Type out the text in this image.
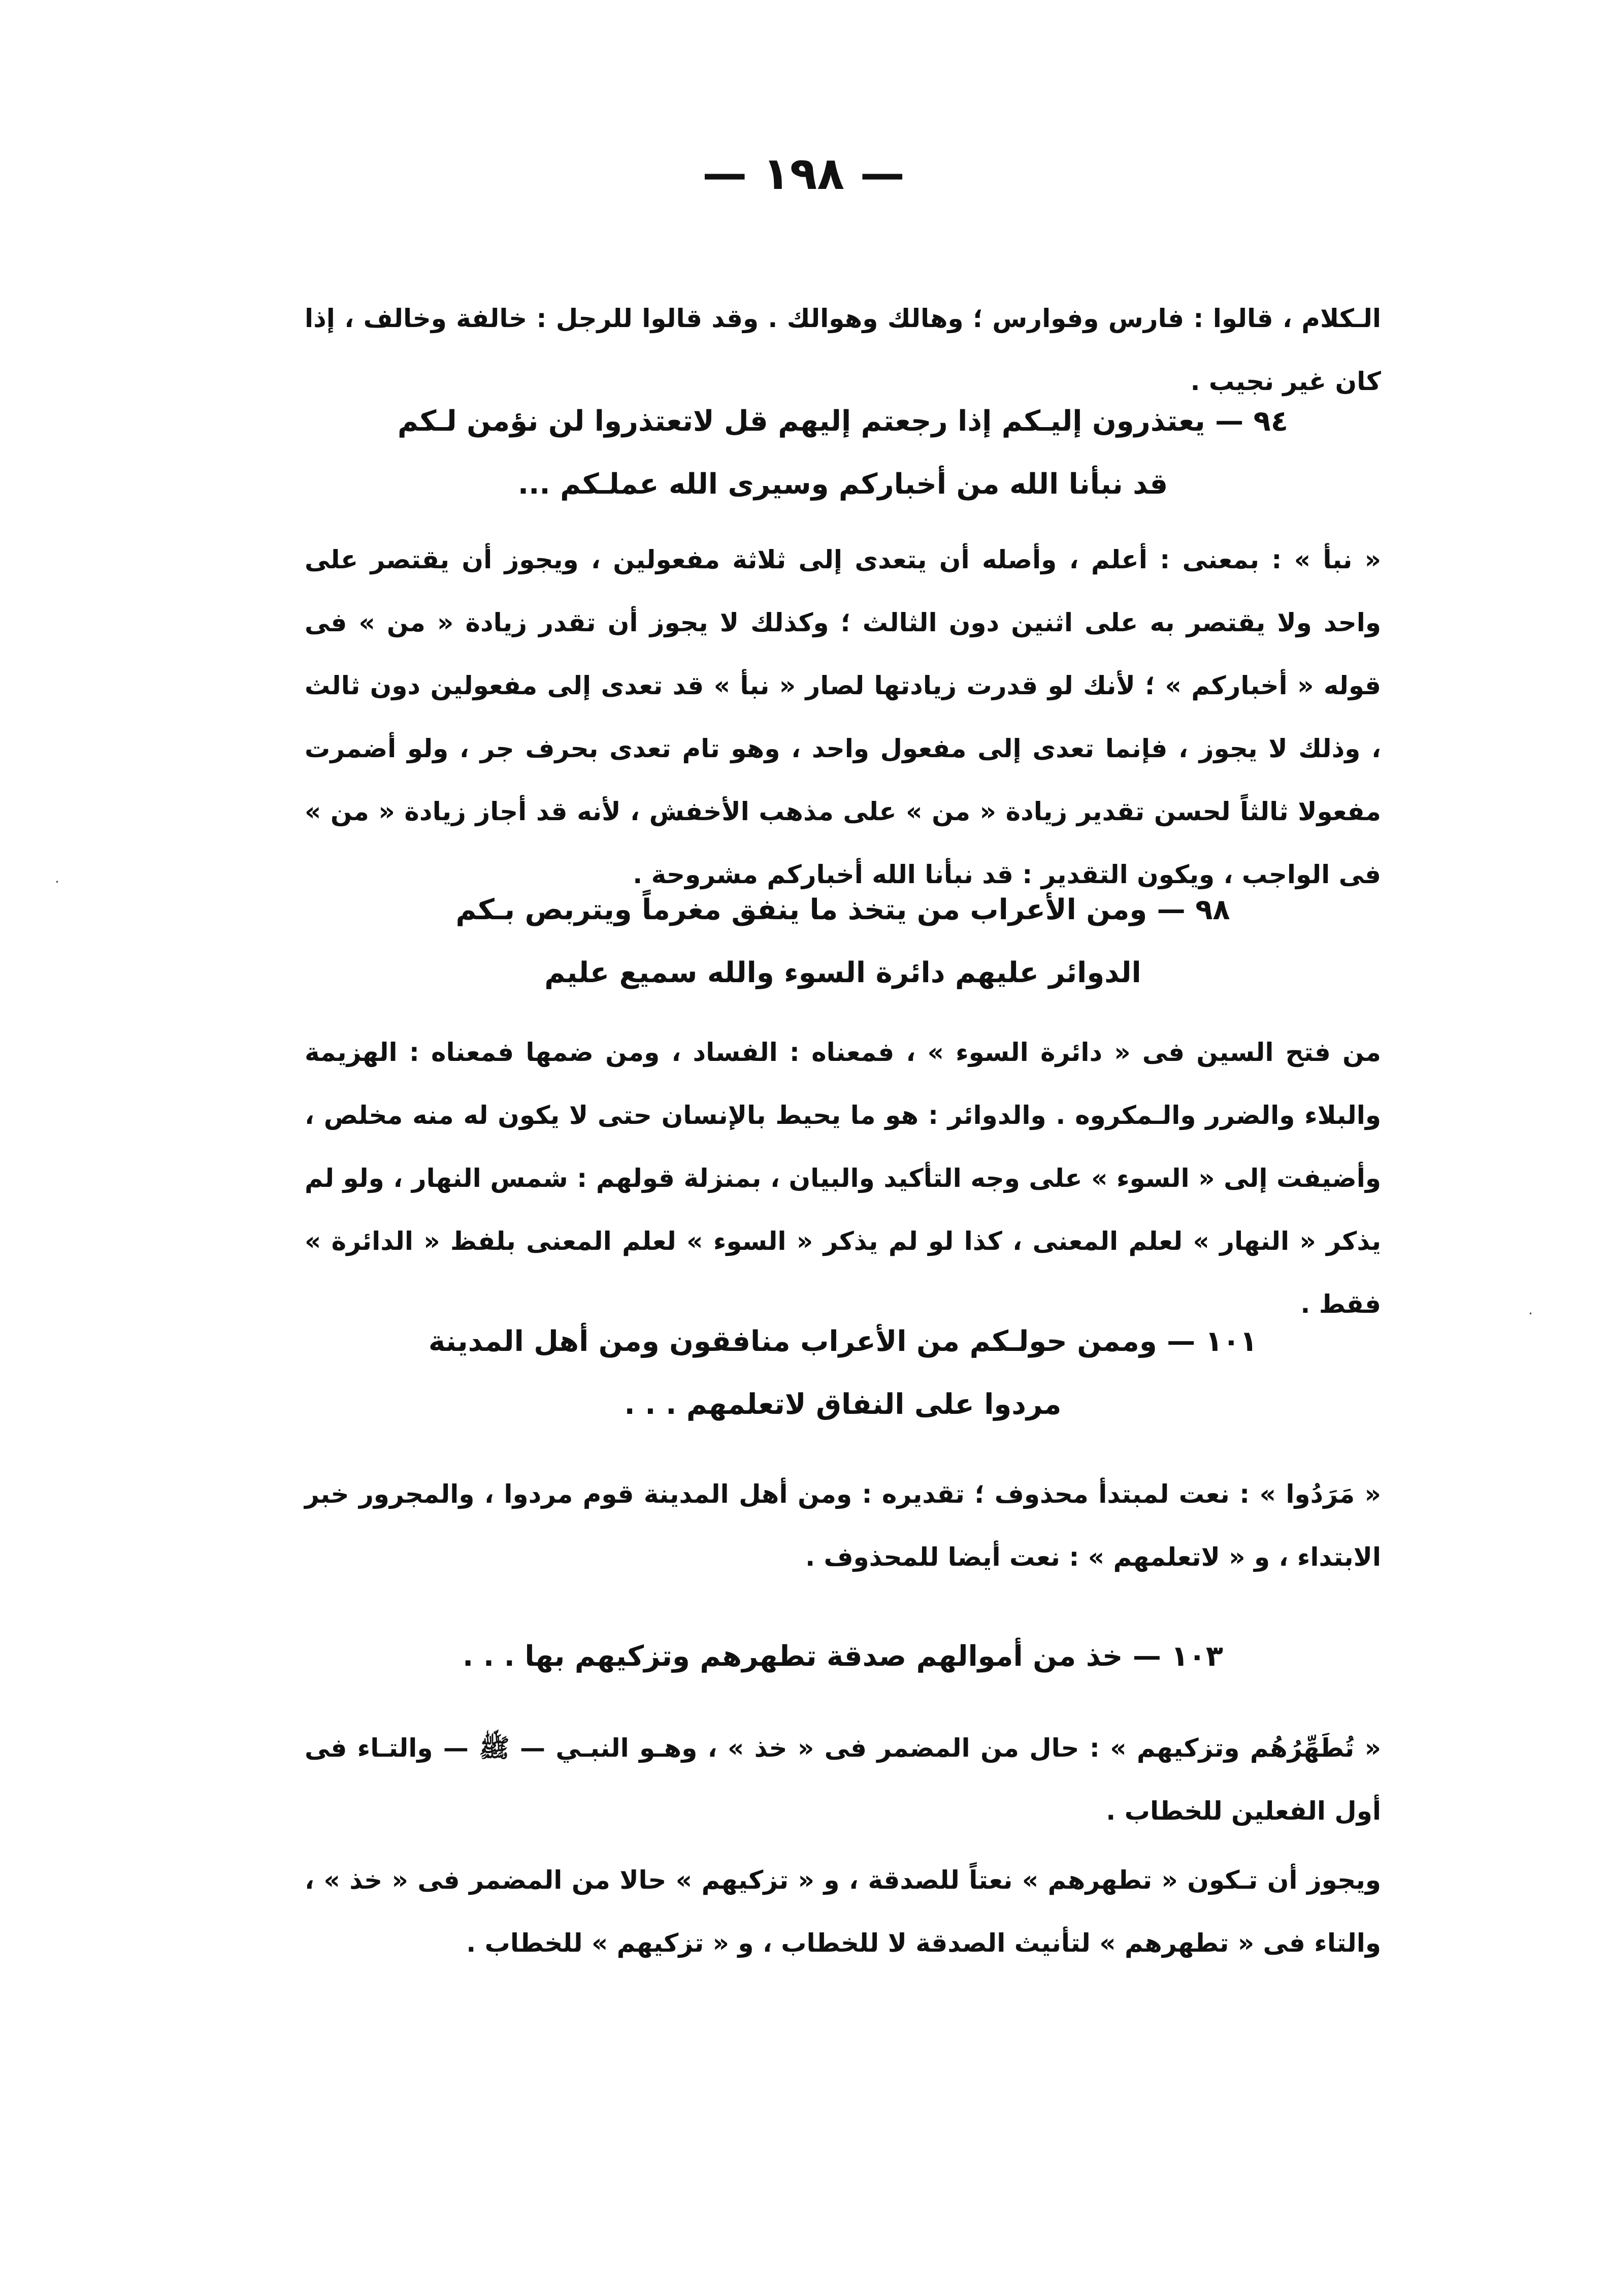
— ١٩٨ —
الـكلام ، قالوا : فارس وفوارس ؛ وهالك وهوالك . وقد قالوا للرجل : خالفة وخالف ، إذا كان غير نجيب .
٩٤ — يعتذرون إليـكم إذا رجعتم إليهم قل لاتعتذروا لن نؤمن لـكم
قد نبأنا الله من أخباركم وسيرى الله عملـكم ...
« نبأ » : بمعنى : أعلم ، وأصله أن يتعدى إلى ثلاثة مفعولين ، ويجوز أن يقتصر على واحد ولا يقتصر به على اثنين دون الثالث ؛ وكذلك لا يجوز أن تقدر زيادة « من » فى قوله « أخباركم » ؛ لأنك لو قدرت زيادتها لصار « نبأ » قد تعدى إلى مفعولين دون ثالث ، وذلك لا يجوز ، فإنما تعدى إلى مفعول واحد ، وهو تام تعدى بحرف جر ، ولو أضمرت مفعولا ثالثاً لحسن تقدير زيادة « من » على مذهب الأخفش ، لأنه قد أجاز زيادة « من » فى الواجب ، ويكون التقدير : قد نبأنا الله أخباركم مشروحة .
٩٨ — ومن الأعراب من يتخذ ما ينفق مغرماً ويتربص بـكم
الدوائر عليهم دائرة السوء والله سميع عليم
من فتح السين فى « دائرة السوء » ، فمعناه : الفساد ، ومن ضمها فمعناه : الهزيمة والبلاء والضرر والـمكروه . والدوائر : هو ما يحيط بالإنسان حتى لا يكون له منه مخلص ، وأضيفت إلى « السوء » على وجه التأكيد والبيان ، بمنزلة قولهم : شمس النهار ، ولو لم يذكر « النهار » لعلم المعنى ، كذا لو لم يذكر « السوء » لعلم المعنى بلفظ « الدائرة » فقط .
١٠١ — وممن حولـكم من الأعراب منافقون ومن أهل المدينة
مردوا على النفاق لاتعلمهم . . .
« مَرَدُوا » : نعت لمبتدأ محذوف ؛ تقديره : ومن أهل المدينة قوم مردوا ، والمجرور خبر الابتداء ، و « لاتعلمهم » : نعت أيضا للمحذوف .
١٠٣ — خذ من أموالهم صدقة تطهرهم وتزكيهم بها . . .
« تُطَهِّرُهُم وتزكيهم » : حال من المضمر فى « خذ » ، وهـو النبـي — ﷺ — والتـاء فى أول الفعلين للخطاب .
ويجوز أن تـكون « تطهرهم » نعتاً للصدقة ، و « تزكيهم » حالا من المضمر فى « خذ » ، والتاء فى « تطهرهم » لتأنيث الصدقة لا للخطاب ، و « تزكيهم » للخطاب .
·
·
